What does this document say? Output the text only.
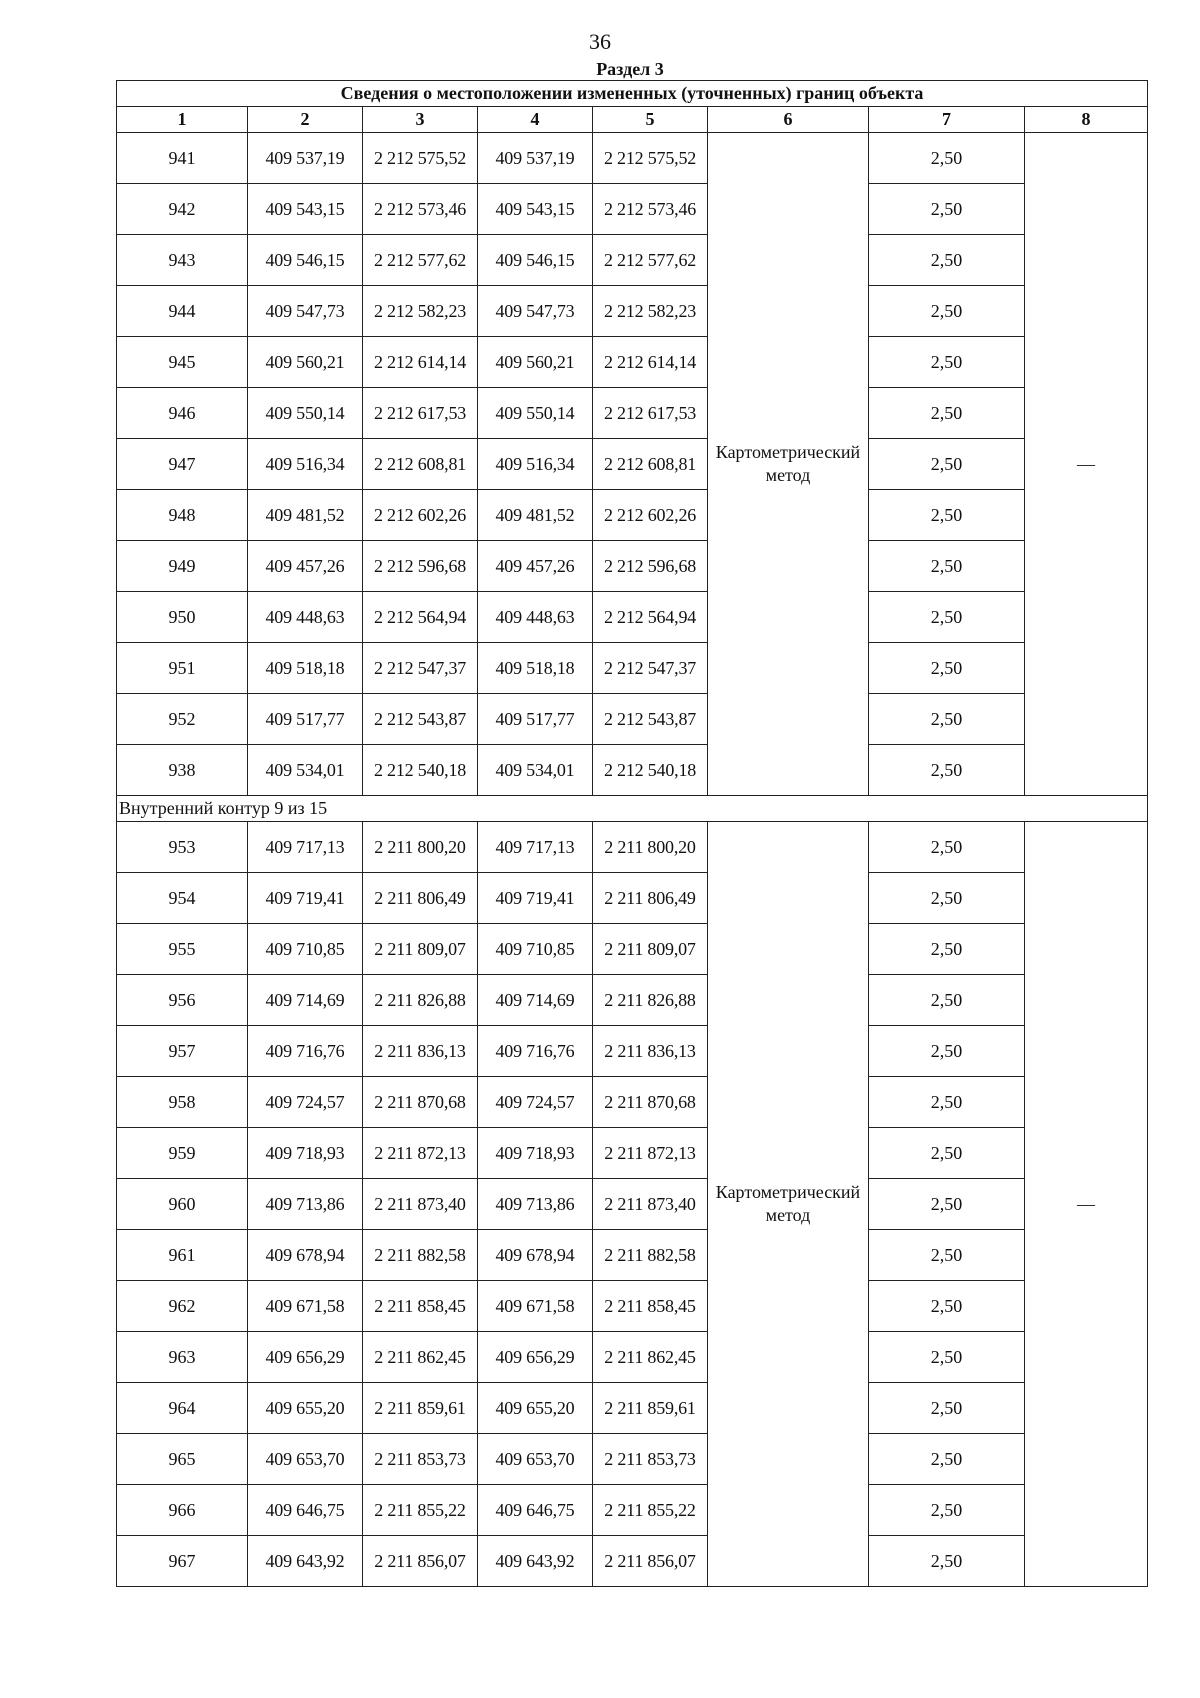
36
Раздел 3
Сведения о местоположении измененных (уточненных) границ объекта							
1	2	3	4	5	6	7	8
941	409 537,19	2 212 575,52	409 537,19	2 212 575,52	Картометрический метод	2,50	—
942	409 543,15	2 212 573,46	409 543,15	2 212 573,46		2,50	
943	409 546,15	2 212 577,62	409 546,15	2 212 577,62		2,50	
944	409 547,73	2 212 582,23	409 547,73	2 212 582,23		2,50	
945	409 560,21	2 212 614,14	409 560,21	2 212 614,14		2,50	
946	409 550,14	2 212 617,53	409 550,14	2 212 617,53		2,50	
947	409 516,34	2 212 608,81	409 516,34	2 212 608,81		2,50	
948	409 481,52	2 212 602,26	409 481,52	2 212 602,26		2,50	
949	409 457,26	2 212 596,68	409 457,26	2 212 596,68		2,50	
950	409 448,63	2 212 564,94	409 448,63	2 212 564,94		2,50	
951	409 518,18	2 212 547,37	409 518,18	2 212 547,37		2,50	
952	409 517,77	2 212 543,87	409 517,77	2 212 543,87		2,50	
938	409 534,01	2 212 540,18	409 534,01	2 212 540,18		2,50	
Внутренний контур 9 из 15							
953	409 717,13	2 211 800,20	409 717,13	2 211 800,20	Картометрический метод	2,50	—
954	409 719,41	2 211 806,49	409 719,41	2 211 806,49		2,50	
955	409 710,85	2 211 809,07	409 710,85	2 211 809,07		2,50	
956	409 714,69	2 211 826,88	409 714,69	2 211 826,88		2,50	
957	409 716,76	2 211 836,13	409 716,76	2 211 836,13		2,50	
958	409 724,57	2 211 870,68	409 724,57	2 211 870,68		2,50	
959	409 718,93	2 211 872,13	409 718,93	2 211 872,13		2,50	
960	409 713,86	2 211 873,40	409 713,86	2 211 873,40		2,50	
961	409 678,94	2 211 882,58	409 678,94	2 211 882,58		2,50	
962	409 671,58	2 211 858,45	409 671,58	2 211 858,45		2,50	
963	409 656,29	2 211 862,45	409 656,29	2 211 862,45		2,50	
964	409 655,20	2 211 859,61	409 655,20	2 211 859,61		2,50	
965	409 653,70	2 211 853,73	409 653,70	2 211 853,73		2,50	
966	409 646,75	2 211 855,22	409 646,75	2 211 855,22		2,50	
967	409 643,92	2 211 856,07	409 643,92	2 211 856,07		2,50	
